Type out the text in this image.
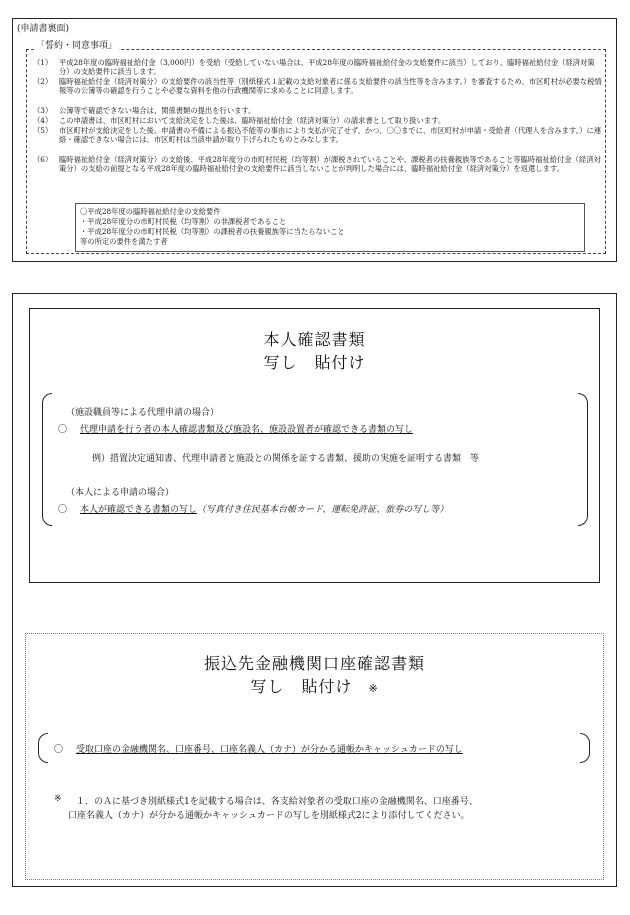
(申請書裏面)
（1） 平成28年度の臨時福祉給付金（3,000円）を受給（受給していない場合は、平成28年度の臨時福祉給付金の支給要件に該当）しており、臨時福祉給付金（経済対策分）の支給要件に該当します。
（2） 臨時福祉給付金（経済対策分）の支給要件の該当性等（別紙様式１記載の支給対象者に係る支給要件の該当性等を含みます。）を審査するため、市区町村が必要な税情報等の公簿等の確認を行うことや必要な資料を他の行政機関等に求めることに同意します。
（3） 公簿等で確認できない場合は、関係書類の提出を行います。
（4） この申請書は、市区町村において支給決定をした後は、臨時福祉給付金（経済対策分）の請求書として取り扱います。
（5） 市区町村が支給決定をした後、申請書の不備による振込不能等の事由により支払が完了せず、かつ、〇〇までに、市区町村が申請・受給者（代理人を含みます。）に連絡・確認できない場合には、市区町村は当該申請が取り下げられたものとみなします。
（6） 臨時福祉給付金（経済対策分）の支給後、平成28年度分の市町村民税（均等割）が課税されていることや、課税者の扶養親族等であること等臨時福祉給付金（経済対策分）の支給の前提となる平成28年度の臨時福祉給付金の支給要件に該当しないことが判明した場合には、臨時福祉給付金（経済対策分）を返還します。
〇平成28年度の臨時福祉給付金の支給要件
・平成28年度分の市町村民税（均等割）の非課税者であること
・平成28年度分の市町村民税（均等割）の課税者の扶養親族等に当たらないこと
等の所定の要件を満たす者
「誓約・同意事項」
本人確認書類
写し　貼付け
（施設職員等による代理申請の場合）
〇 代理申請を行う者の本人確認書類及び施設名、施設設置者が確認できる書類の写し
例）措置決定通知書、代理申請者と施設との関係を証する書類、援助の実施を証明する書類　等
（本人による申請の場合）
〇 本人が確認できる書類の写し（写真付き住民基本台帳カード、運転免許証、旅券の写し等）
振込先金融機関口座確認書類
写し　貼付け ※
〇 受取口座の金融機関名、口座番号、口座名義人（カナ）が分かる通帳かキャッシュカードの写し
※ １．のＡに基づき別紙様式1を記載する場合は、各支給対象者の受取口座の金融機関名、口座番号、
口座名義人（カナ）が分かる通帳かキャッシュカードの写しを別紙様式2により添付してください。
